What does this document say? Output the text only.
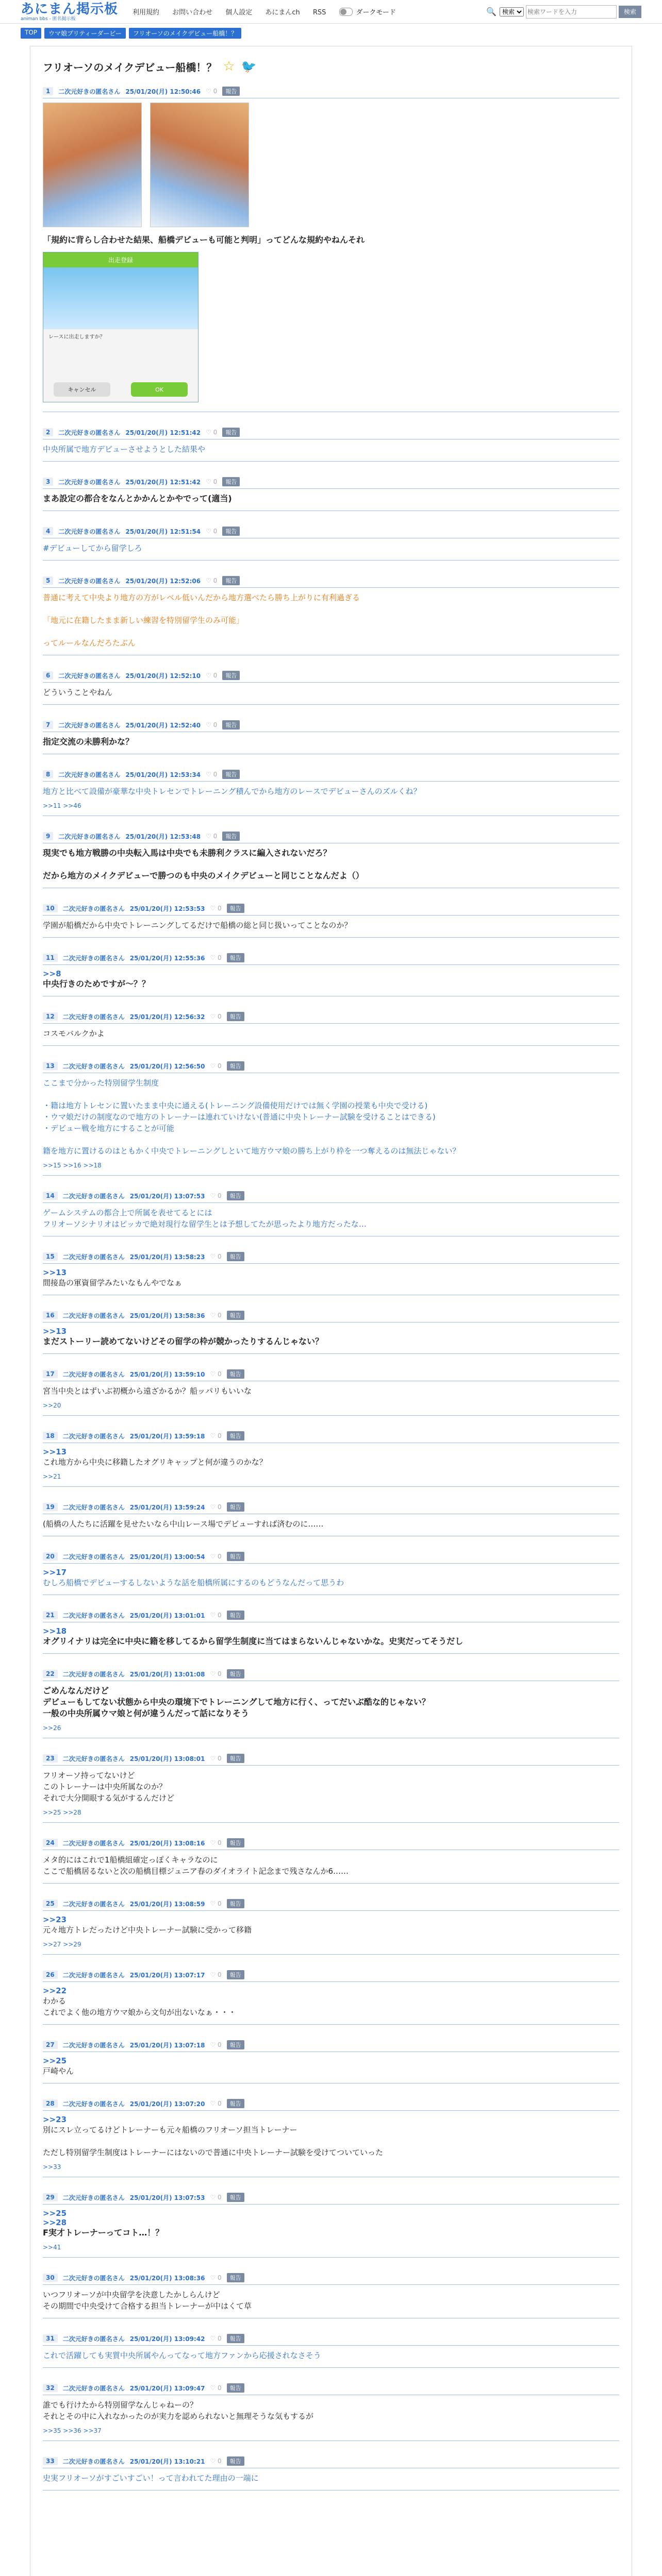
あにまん掲示板
animan bbs - 匿名掲示板
利用規約 お問い合わせ 個人設定 あにまんch RSS	ダークモード	🔍
検索
検索ワードを入力	検索
TOP	ウマ娘プリティーダービー	フリオーソのメイクデビュー船橋！？
フリオーソのメイクデビュー船橋！？ ☆ 🐦
1	二次元好きの匿名さん 25/01/20(月) 12:50:46 ♡ 0	報告
「規約に背らし合わせた結果、船橋デビューも可能と判明」ってどんな規約やねんそれ
出走登録
レースに出走しますか？
キャンセル	OK
2	二次元好きの匿名さん 25/01/20(月) 12:51:42 ♡ 0	報告
中央所属で地方デビューさせようとした結果や
3	二次元好きの匿名さん 25/01/20(月) 12:51:42 ♡ 0	報告
まあ設定の都合をなんとかかんとかやでって(適当)
4	二次元好きの匿名さん 25/01/20(月) 12:51:54 ♡ 0	報告
#デビューしてから留学しろ
5	二次元好きの匿名さん 25/01/20(月) 12:52:06 ♡ 0	報告
普通に考えて中央より地方の方がレベル低いんだから地方選べたら勝ち上がりに有利過ぎる

「地元に在籍したまま新しい練習を特別留学生のみ可能」

ってルールなんだろたぶん
6	二次元好きの匿名さん 25/01/20(月) 12:52:10 ♡ 0	報告
どういうことやねん
7	二次元好きの匿名さん 25/01/20(月) 12:52:40 ♡ 0	報告
指定交流の未勝利かな？
8	二次元好きの匿名さん 25/01/20(月) 12:53:34 ♡ 0	報告
地方と比べて設備が豪華な中央トレセンでトレーニング積んでから地方のレースでデビューさんのズルくね？
>>11 >>46
9	二次元好きの匿名さん 25/01/20(月) 12:53:48 ♡ 0	報告
現実でも地方戦勝の中央転入馬は中央でも未勝利クラスに編入されないだろ？

だから地方のメイクデビューで勝つのも中央のメイクデビューと同じことなんだよ（）
10	二次元好きの匿名さん 25/01/20(月) 12:53:53 ♡ 0	報告
学園が船橋だから中央でトレーニングしてるだけで船橋の総と同じ扱いってことなのか？
11	二次元好きの匿名さん 25/01/20(月) 12:55:36 ♡ 0	報告
>>8
中央行きのためですが～？？
12	二次元好きの匿名さん 25/01/20(月) 12:56:32 ♡ 0	報告
コスモバルクかよ
13	二次元好きの匿名さん 25/01/20(月) 12:56:50 ♡ 0	報告
ここまで分かった特別留学生制度

・籍は地方トレセンに置いたまま中央に通える(トレーニング設備使用だけでは無く学園の授業も中央で受ける)
・ウマ娘だけの制度なので地方のトレーナーは連れていけない(普通に中央トレーナー試験を受けることはできる)
・デビュー戦を地方にすることが可能

籍を地方に置けるのはともかく中央でトレーニングしといて地方ウマ娘の勝ち上がり枠を一つ奪えるのは無法じゃない？
>>15 >>16 >>18
14	二次元好きの匿名さん 25/01/20(月) 13:07:53 ♡ 0	報告
ゲームシステムの都合上で所属を表せてるとには
フリオーソシナリオはピッカで絶対現行な留学生とは予想してたが思ったより地方だったな…
15	二次元好きの匿名さん 25/01/20(月) 13:58:23 ♡ 0	報告
>>13
間接島の軍資留学みたいなもんやでなぁ
16	二次元好きの匿名さん 25/01/20(月) 13:58:36 ♡ 0	報告
>>13
まだストーリー読めてないけどその留学の枠が競かったりするんじゃない？
17	二次元好きの匿名さん 25/01/20(月) 13:59:10 ♡ 0	報告
宮当中央とはずいぶ初概から遠ざかるか？船ッパリもいいな
>>20
18	二次元好きの匿名さん 25/01/20(月) 13:59:18 ♡ 0	報告
>>13
これ地方から中央に移籍したオグリキャップと何が違うのかな？
>>21
19	二次元好きの匿名さん 25/01/20(月) 13:59:24 ♡ 0	報告
(船橋の人たちに活躍を見せたいなら中山レース場でデビューすれば済むのに……
20	二次元好きの匿名さん 25/01/20(月) 13:00:54 ♡ 0	報告
>>17
むしろ船橋でデビューするしないような話を船橋所属にするのもどうなんだって思うわ
21	二次元好きの匿名さん 25/01/20(月) 13:01:01 ♡ 0	報告
>>18
オグリイナリは完全に中央に籍を移してるから留学生制度に当てはまらないんじゃないかな。史実だってそうだし
22	二次元好きの匿名さん 25/01/20(月) 13:01:08 ♡ 0	報告
ごめんなんだけど
デビューもしてない状態から中央の環境下でトレーニングして地方に行く、ってだいぶ酷な的じゃない？
一般の中央所属ウマ娘と何が違うんだって話になりそう
>>26
23	二次元好きの匿名さん 25/01/20(月) 13:08:01 ♡ 0	報告
フリオーソ持ってないけど
このトレーナーは中央所属なのか？
それで大分開眼する気がするんだけど
>>25 >>28
24	二次元好きの匿名さん 25/01/20(月) 13:08:16 ♡ 0	報告
メタ的にはこれで1船橋組確定っぽくキャラなのに
ここで船橋居るないと次の船橋目標ジュニア春のダイオライト記念まで残さなんか6……
25	二次元好きの匿名さん 25/01/20(月) 13:08:59 ♡ 0	報告
>>23
元々地方トレだったけど中央トレーナー試験に受かって移籍
>>27 >>29
26	二次元好きの匿名さん 25/01/20(月) 13:07:17 ♡ 0	報告
>>22
わかる
これでよく他の地方ウマ娘から文句が出ないなぁ・・・
27	二次元好きの匿名さん 25/01/20(月) 13:07:18 ♡ 0	報告
>>25
戸崎やん
28	二次元好きの匿名さん 25/01/20(月) 13:07:20 ♡ 0	報告
>>23
別にスレ立ってるけどトレーナーも元々船橋のフリオーソ担当トレーナー

ただし特別留学生制度はトレーナーにはないので普通に中央トレーナー試験を受けてついていった
>>33
29	二次元好きの匿名さん 25/01/20(月) 13:07:53 ♡ 0	報告
>>25
>>28
F実才トレーナーってコト…！？
>>41
30	二次元好きの匿名さん 25/01/20(月) 13:08:36 ♡ 0	報告
いつフリオーソが中央留学を決意したかしらんけど
その期間で中央受けて合格する担当トレーナーが中はくて草
31	二次元好きの匿名さん 25/01/20(月) 13:09:42 ♡ 0	報告
これで活躍しても実質中央所属やんってなって地方ファンから応援されなさそう
32	二次元好きの匿名さん 25/01/20(月) 13:09:47 ♡ 0	報告
誰でも行けたから特別留学なんじゃねーの？
それとその中に入れなかったのが実力を認められないと無理そうな気もするが
>>35 >>36 >>37
33	二次元好きの匿名さん 25/01/20(月) 13:10:21 ♡ 0	報告
史実フリオーソがすごいすごい！って言われてた理由の一端に
